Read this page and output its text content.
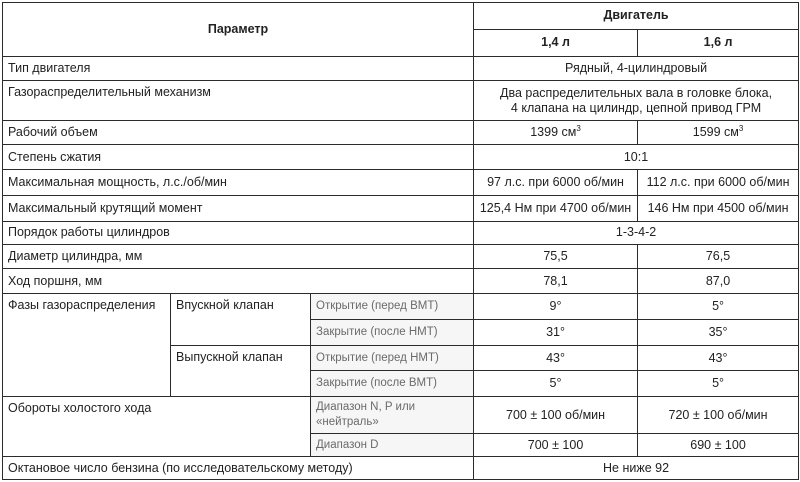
Параметр			Двигатель	
			1,4 л	1,6 л
Тип двигателя			Рядный, 4-цилиндровый	
Газораспределительный механизм			Два распределительных вала в головке блока,
4 клапана на цилиндр, цепной привод ГРМ	

Рабочий объем			1399 $см^3$	1599 $см^3$
Степень сжатия			10:1	
Максимальная мощность, л.с./об/мин			97 л.с. при 6000 об/мин	112 л.с. при 6000 об/мин
Максимальный крутящий момент			125,4 Нм при 4700 об/мин	146 Нм при 4500 об/мин
Порядок работы цилиндров			1-3-4-2	
Диаметр цилиндра, мм			75,5	76,5
Ход поршня, мм			78,1	87,0
Фазы газораспределения	Впускной клапан	Открытие (перед ВМТ)	9°	5°
		Закрытие (после НМТ)	31°	35°
	Выпускной клапан	Открытие (перед НМТ)	43°	43°
		Закрытие (после ВМТ)	5°	5°
Обороты холостого хода		Диапазон N, P или
«нейтраль»	700 ± 100 об/мин	720 ± 100 об/мин
		Диапазон D	700 ± 100	690 ± 100
Октановое число бензина (по исследовательскому методу)			Не ниже 92	
